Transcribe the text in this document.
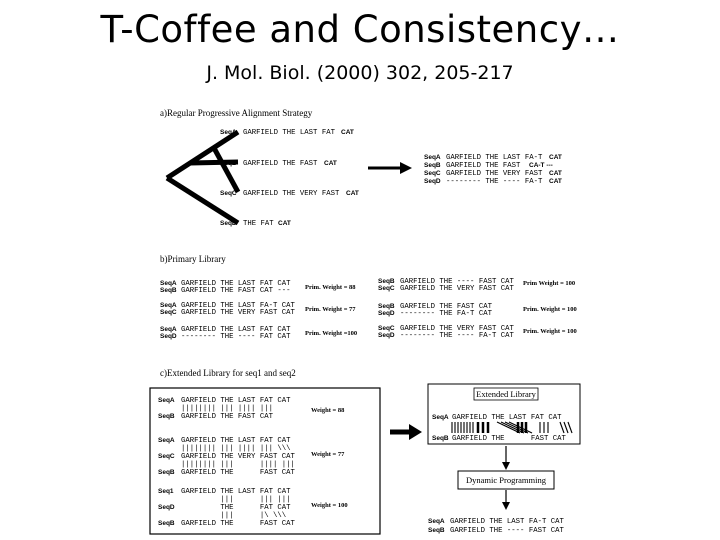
T-Coffee and Consistency…
J. Mol. Biol. (2000) 302, 205-217
a)Regular Progressive Alignment Strategy
SeqA GARFIELD THE LAST FAT CAT
SeqB GARFIELD THE FAST CAT
SeqC GARFIELD THE VERY FAST CAT
SeqD THE FAT CAT
SeqA GARFIELD THE LAST FA-T CAT
SeqB GARFIELD THE FAST CA-T ---
SeqC GARFIELD THE VERY FAST CAT
SeqD -------- THE ---- FA-T CAT
b)Primary Library
SeqA GARFIELD THE LAST FAT CAT
SeqB GARFIELD THE FAST CAT --- Prim. Weight = 88
SeqA GARFIELD THE LAST FA-T CAT
SeqC GARFIELD THE VERY FAST CAT Prim. Weight = 77
SeqA GARFIELD THE LAST FAT CAT
SeqD -------- THE ---- FAT CAT Prim. Weight =100
SeqB GARFIELD THE ---- FAST CAT
SeqC GARFIELD THE VERY FAST CAT
Prim Weight = 100
SeqB GARFIELD THE FAST CAT
SeqD -------- THE FA-T CAT
Prim. Weight = 100
SeqC GARFIELD THE VERY FAST CAT
SeqD -------- THE ---- FA-T CAT
Prim. Weight = 100
c)Extended Library for seq1 and seq2
SeqA GARFIELD THE LAST FAT CAT
|||||||| ||| |||| |||
SeqB GARFIELD THE FAST CAT
Weight = 88
SeqA GARFIELD THE LAST FAT CAT
|||||||| ||| |||| ||| \\\
SeqC GARFIELD THE VERY FAST CAT
|||||||| |||      |||| |||
SeqB GARFIELD THE      FAST CAT
Weight = 77
Seq1 GARFIELD THE LAST FAT CAT
|||      ||| |||
SeqD THE      FAT CAT
|||      |\ \\\
SeqB GARFIELD THE      FAST CAT
Weight = 100
Extended Library
SeqA GARFIELD THE LAST FAT CAT
SeqB GARFIELD THE      FAST CAT
Dynamic Programming
SeqA GARFIELD THE LAST FA-T CAT
SeqB GARFIELD THE ---- FAST CAT
